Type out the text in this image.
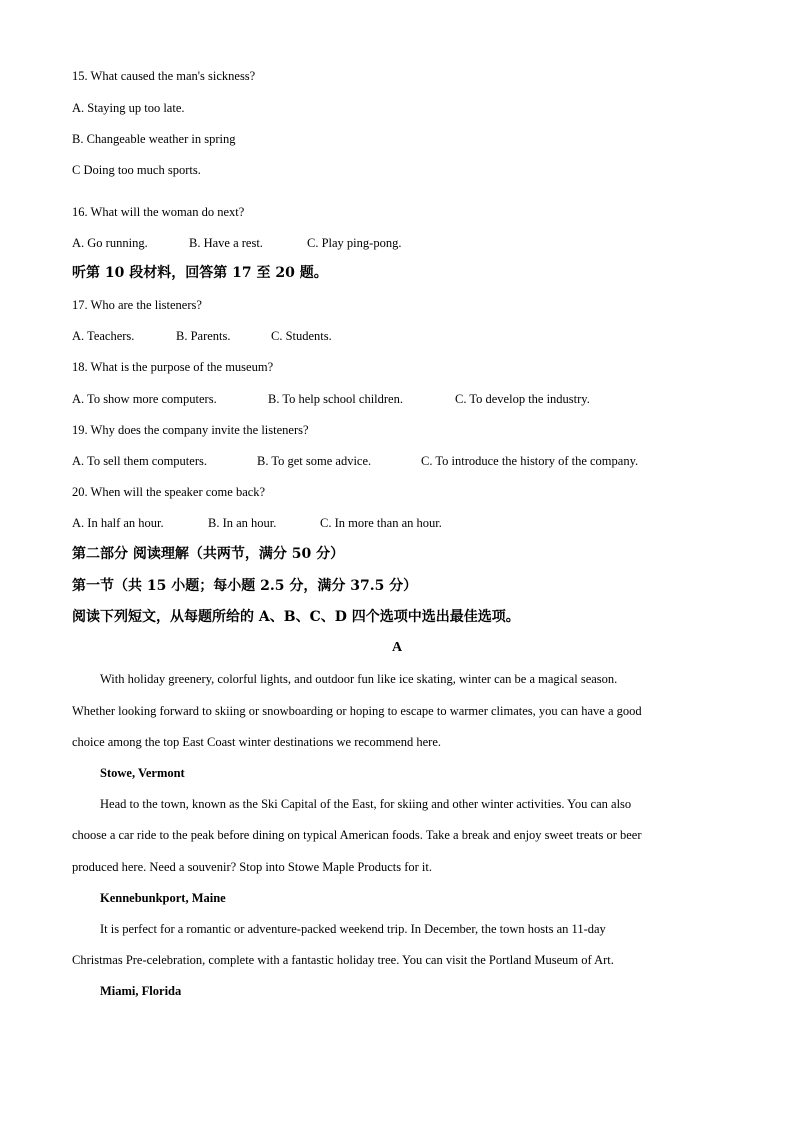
15. What caused the man's sickness?
A. Staying up too late.
B. Changeable weather in spring
C Doing too much sports.
16. What will the woman do next?
A. Go running.	B. Have a rest.	C. Play ping-pong.
听第 10 段材料，回答第 17 至 20 题。
17. Who are the listeners?
A. Teachers.	B. Parents.	C. Students.
18. What is the purpose of the museum?
A. To show more computers.	B. To help school children.	C. To develop the industry.
19. Why does the company invite the listeners?
A. To sell them computers.	B. To get some advice.	C. To introduce the history of the company.
20. When will the speaker come back?
A. In half an hour.	B. In an hour.	C. In more than an hour.
第二部分 阅读理解（共两节，满分 50 分）
第一节（共 15 小题；每小题 2.5 分，满分 37.5 分）
阅读下列短文，从每题所给的 A、B、C、D 四个选项中选出最佳选项。
A
With holiday greenery, colorful lights, and outdoor fun like ice skating, winter can be a magical season.
Whether looking forward to skiing or snowboarding or hoping to escape to warmer climates, you can have a good
choice among the top East Coast winter destinations we recommend here.
Stowe, Vermont
Head to the town, known as the Ski Capital of the East, for skiing and other winter activities. You can also
choose a car ride to the peak before dining on typical American foods. Take a break and enjoy sweet treats or beer
produced here. Need a souvenir? Stop into Stowe Maple Products for it.
Kennebunkport, Maine
It is perfect for a romantic or adventure-packed weekend trip. In December, the town hosts an 11-day
Christmas Pre-celebration, complete with a fantastic holiday tree. You can visit the Portland Museum of Art.
Miami, Florida
